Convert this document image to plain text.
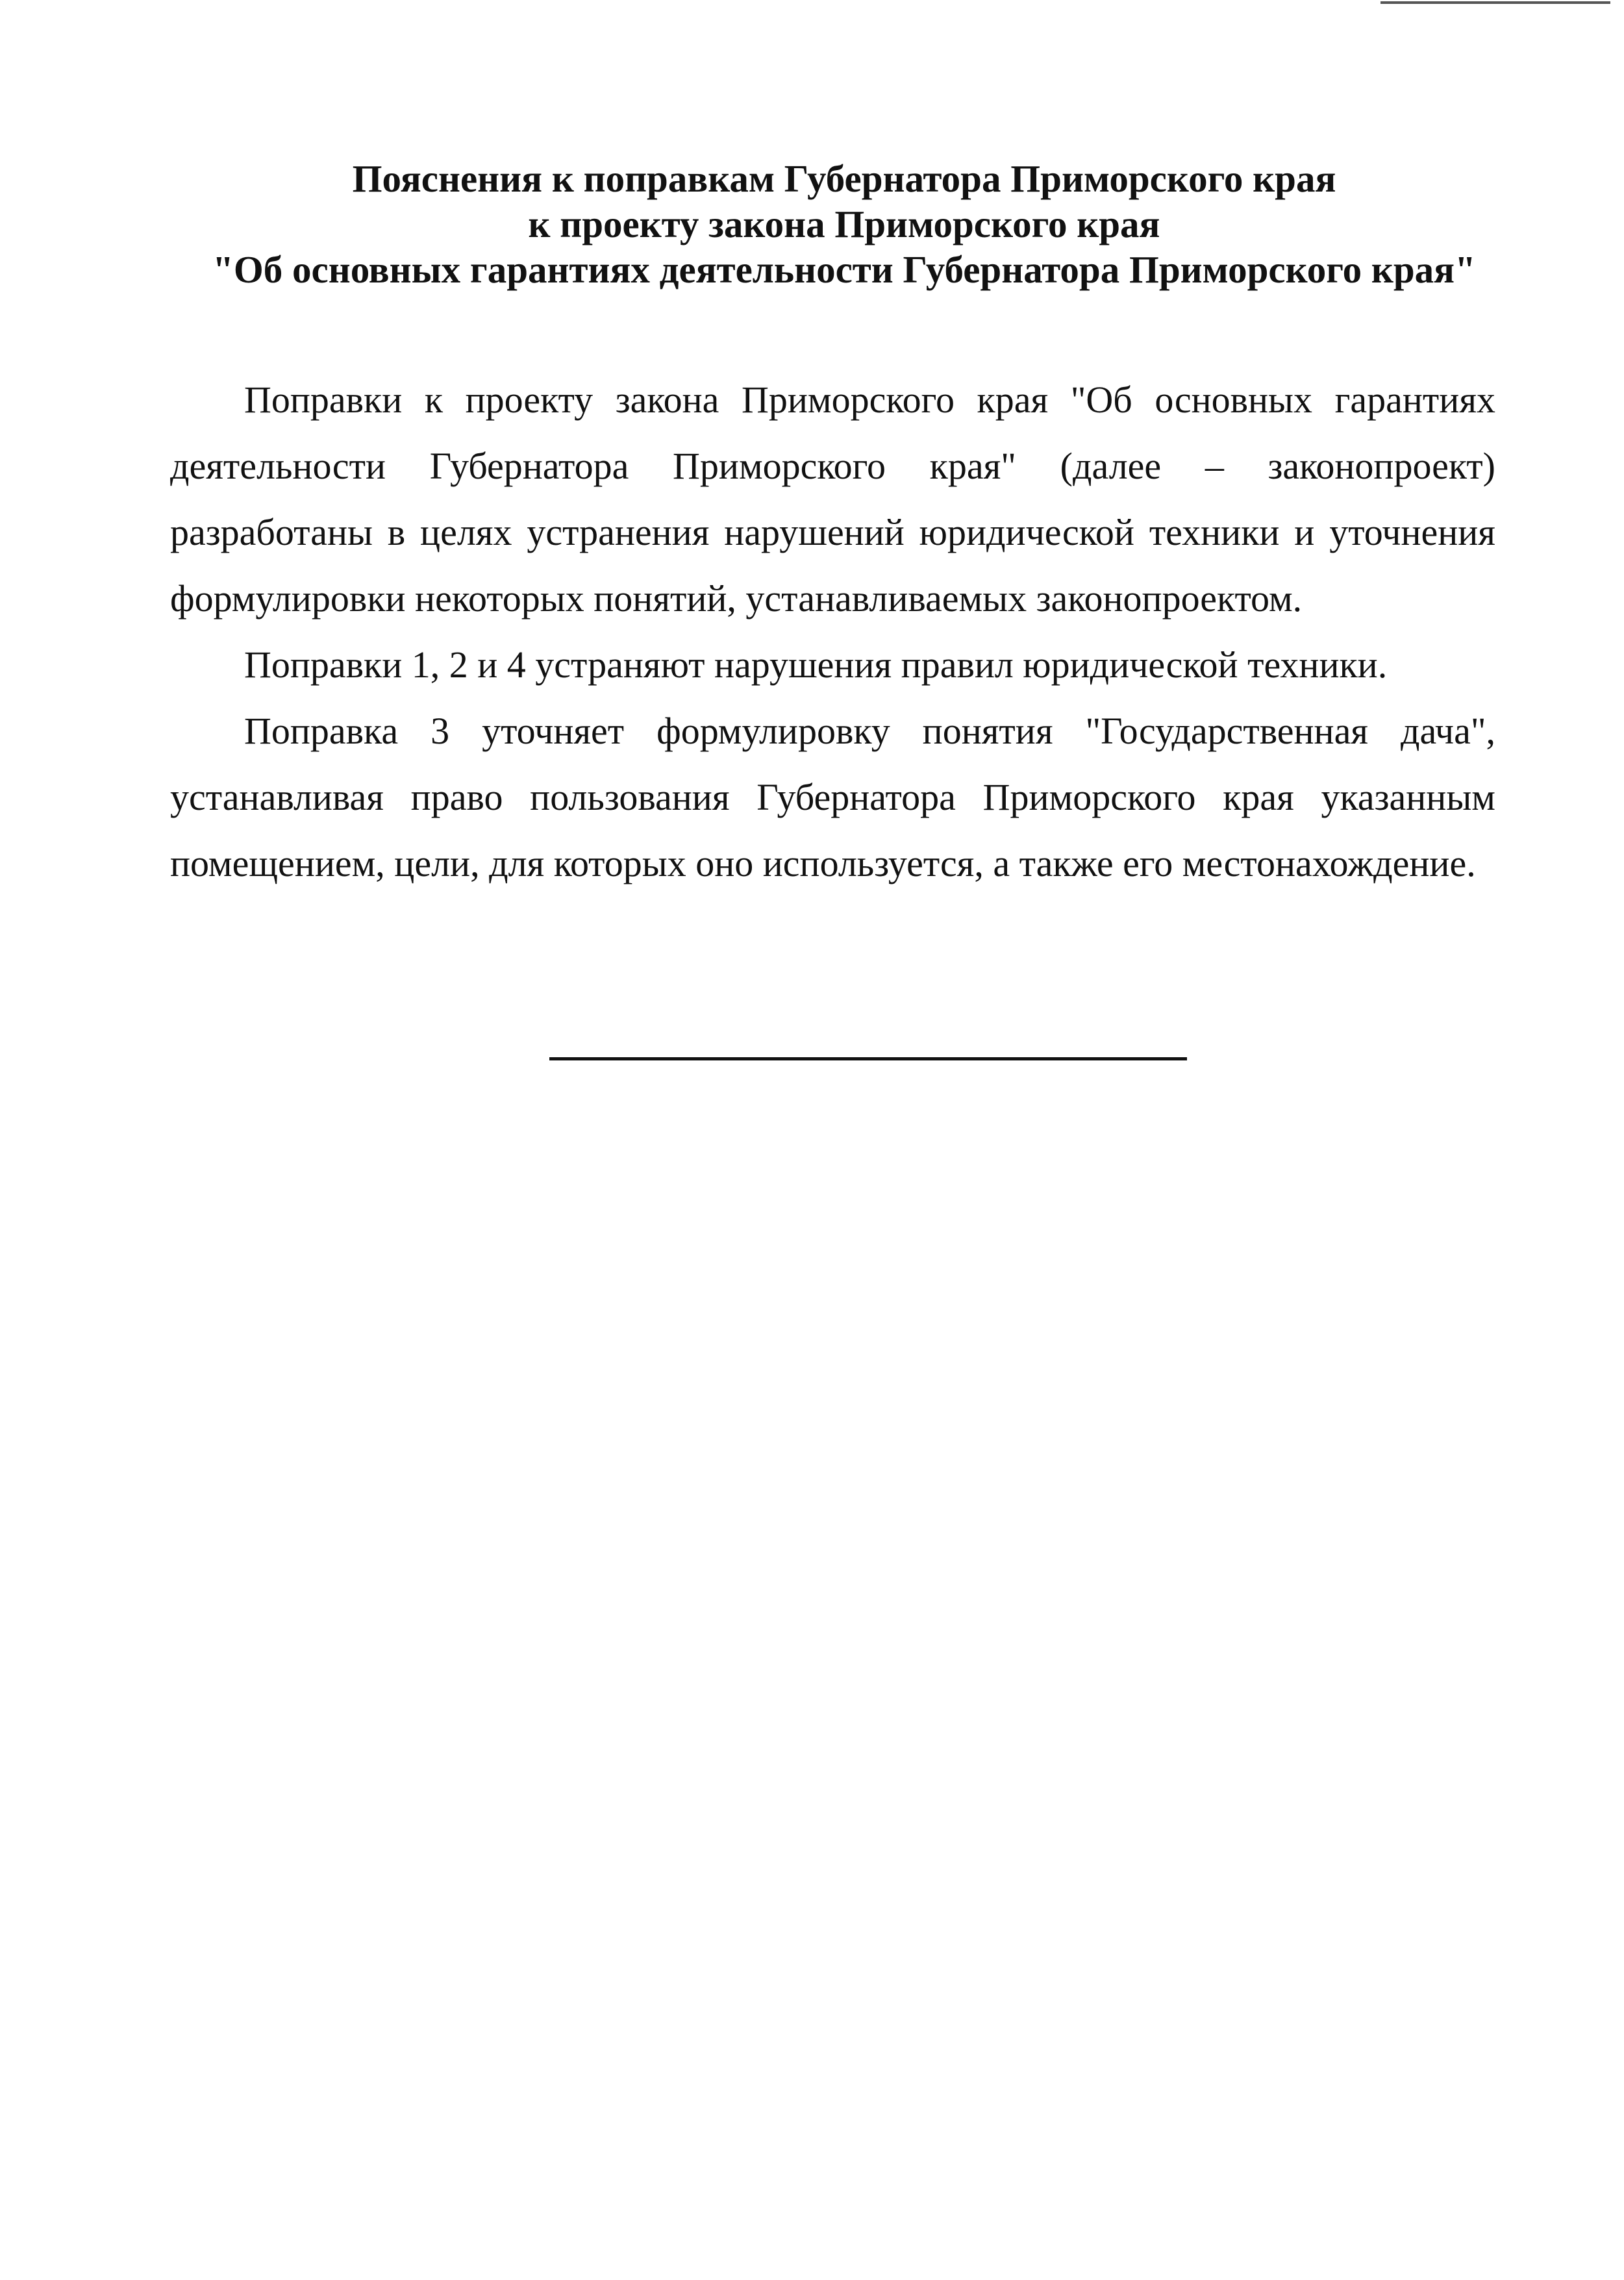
Пояснения к поправкам Губернатора Приморского края
к проекту закона Приморского края
"Об основных гарантиях деятельности Губернатора Приморского края"

Поправки к проекту закона Приморского края "Об основных гарантиях деятельности Губернатора Приморского края" (далее – законопроект) разработаны в целях устранения нарушений юридической техники и уточнения формулировки некоторых понятий, устанавливаемых законопроектом.

Поправки 1, 2 и 4 устраняют нарушения правил юридической техники.

Поправка 3 уточняет формулировку понятия "Государственная дача", устанавливая право пользования Губернатора Приморского края указанным помещением, цели, для которых оно используется, а также его местонахождение.
